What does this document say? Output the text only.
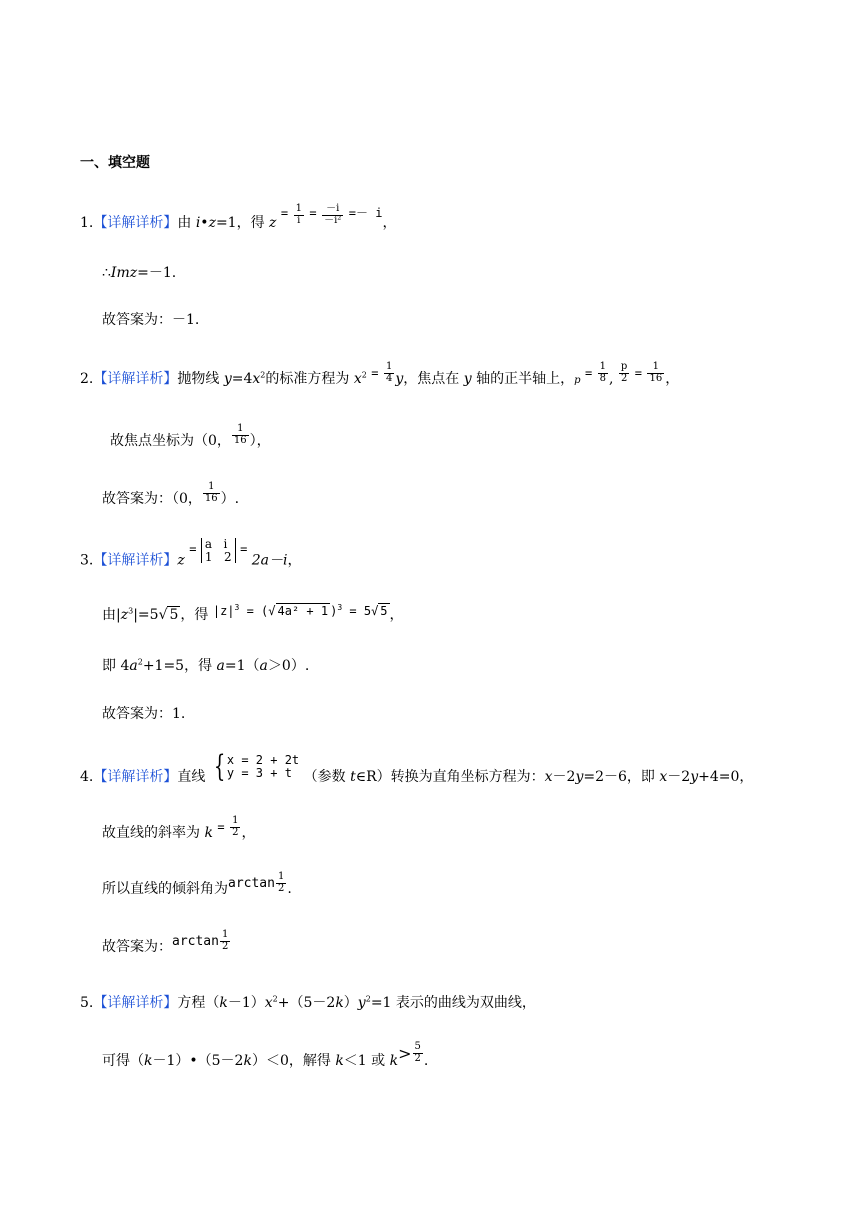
一、填空题
1.【详解详析】由 i•z=1，得 $z = \frac{1}{i} = \frac{-i}{\text{－i²}} =- i$，
∴Imz=－1.
故答案为：－1.
2.【详解详析】抛物线 $y=4x^2$的标准方程为 $x^2 = \frac{1}{4}$ y，焦点在 y 轴的正半轴上，$p = \frac{1}{8}$ , $\frac{p}{2} = \frac{1}{16}$ ，
故焦点坐标为（0， $\frac{1}{16}$ ），
故答案为：（0， $\frac{1}{16}$ ）.
3.【详解详析】z = a   i
1   2
= 2a－i，
由$|z^3|=5√$ 5 ，得 $|z|^3$ = (√ 4a² + 1 )$^3$ = 5√ 5 ，
即 $4a^2+1=5$，得 a=1（a＞0）.
故答案为：1.
4.【详解详析】直线 { x = 2 + 2t
y = 3 + t （参数 t∈R）转换为直角坐标方程为：x－2y=2－6，即 x－2y+4=0，
故直线的斜率为 $k = \frac{1}{2}$ ，
所以直线的倾斜角为$\arctan \frac{1}{2}$ .
故答案为：$\arctan \frac{1}{2}$
5.【详解详析】方程$(k-1)x^2+(5-2k)y^2=1$ 表示的曲线为双曲线，
可得（k－1）•（5－2k）＜0，解得 k＜1 或 $k> \frac{5}{2}$ .
